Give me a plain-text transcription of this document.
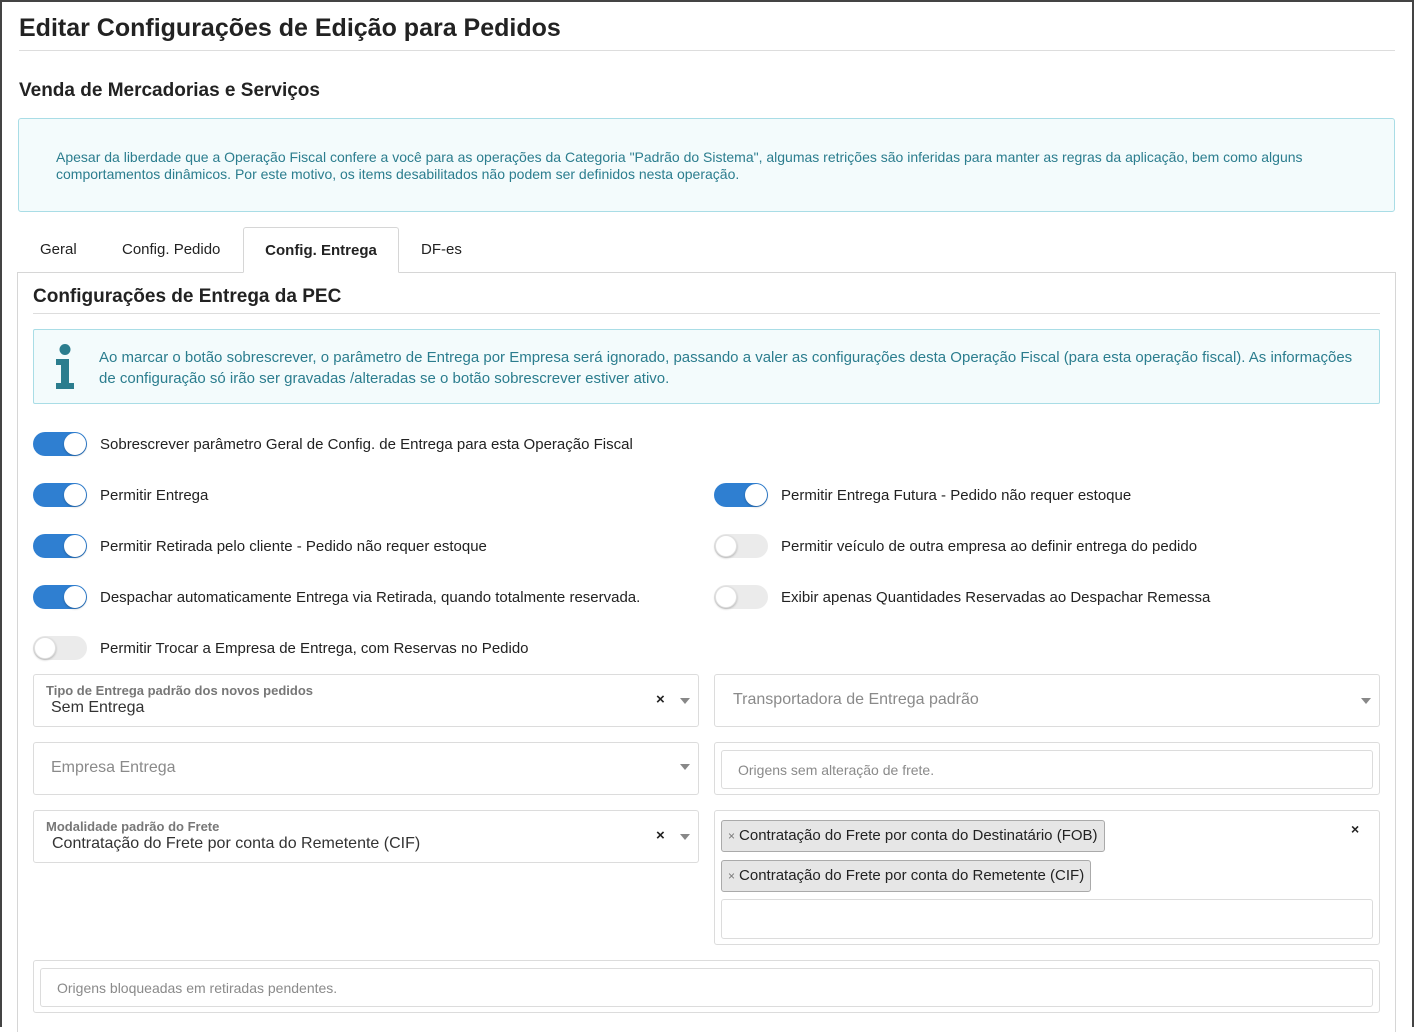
Editar Configurações de Edição para Pedidos
Venda de Mercadorias e Serviços
Apesar da liberdade que a Operação Fiscal confere a você para as operações da Categoria "Padrão do Sistema", algumas retrições são inferidas para manter as regras da aplicação, bem como alguns comportamentos dinâmicos. Por este motivo, os items desabilitados não podem ser definidos nesta operação.
Geral	Config. Pedido	Config. Entrega	DF-es
Configurações de Entrega da PEC
Ao marcar o botão sobrescrever, o parâmetro de Entrega por Empresa será ignorado, passando a valer as configurações desta Operação Fiscal (para esta operação fiscal). As informações de configuração só irão ser gravadas /alteradas se o botão sobrescrever estiver ativo.
Sobrescrever parâmetro Geral de Config. de Entrega para esta Operação Fiscal
Permitir Entrega	Permitir Entrega Futura - Pedido não requer estoque
Permitir Retirada pelo cliente - Pedido não requer estoque	Permitir veículo de outra empresa ao definir entrega do pedido
Despachar automaticamente Entrega via Retirada, quando totalmente reservada.	Exibir apenas Quantidades Reservadas ao Despachar Remessa
Permitir Trocar a Empresa de Entrega, com Reservas no Pedido
Tipo de Entrega padrão dos novos pedidos
Sem Entrega	×	Transportadora de Entrega padrão
Empresa Entrega	Origens sem alteração de frete.
Modalidade padrão do Frete
Contratação do Frete por conta do Remetente (CIF)	×	× Contratação do Frete por conta do Destinatário (FOB)
× Contratação do Frete por conta do Remetente (CIF)
×
Origens bloqueadas em retiradas pendentes.
